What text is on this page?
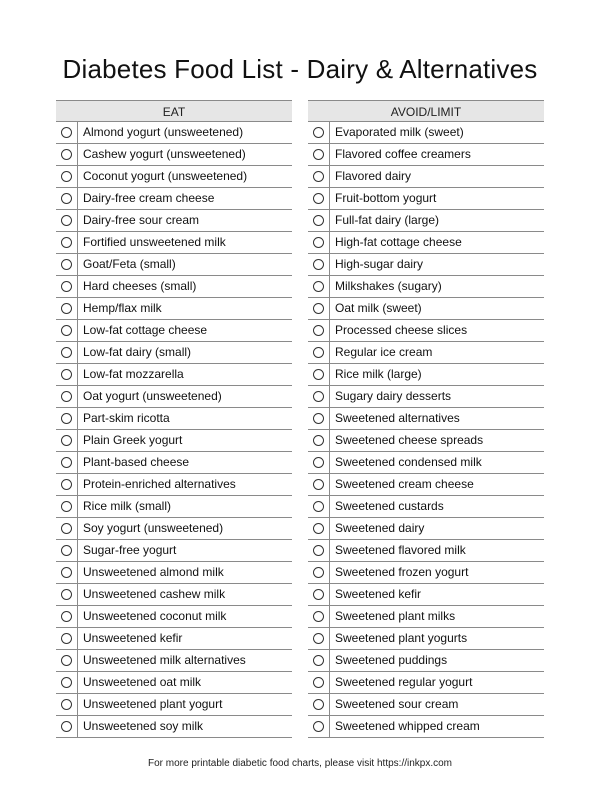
Diabetes Food List - Dairy & Alternatives
EAT
Almond yogurt (unsweetened)
Cashew yogurt (unsweetened)
Coconut yogurt (unsweetened)
Dairy-free cream cheese
Dairy-free sour cream
Fortified unsweetened milk
Goat/Feta (small)
Hard cheeses (small)
Hemp/flax milk
Low-fat cottage cheese
Low-fat dairy (small)
Low-fat mozzarella
Oat yogurt (unsweetened)
Part-skim ricotta
Plain Greek yogurt
Plant-based cheese
Protein-enriched alternatives
Rice milk (small)
Soy yogurt (unsweetened)
Sugar-free yogurt
Unsweetened almond milk
Unsweetened cashew milk
Unsweetened coconut milk
Unsweetened kefir
Unsweetened milk alternatives
Unsweetened oat milk
Unsweetened plant yogurt
Unsweetened soy milk
AVOID/LIMIT
Evaporated milk (sweet)
Flavored coffee creamers
Flavored dairy
Fruit-bottom yogurt
Full-fat dairy (large)
High-fat cottage cheese
High-sugar dairy
Milkshakes (sugary)
Oat milk (sweet)
Processed cheese slices
Regular ice cream
Rice milk (large)
Sugary dairy desserts
Sweetened alternatives
Sweetened cheese spreads
Sweetened condensed milk
Sweetened cream cheese
Sweetened custards
Sweetened dairy
Sweetened flavored milk
Sweetened frozen yogurt
Sweetened kefir
Sweetened plant milks
Sweetened plant yogurts
Sweetened puddings
Sweetened regular yogurt
Sweetened sour cream
Sweetened whipped cream
For more printable diabetic food charts, please visit https://inkpx.com
